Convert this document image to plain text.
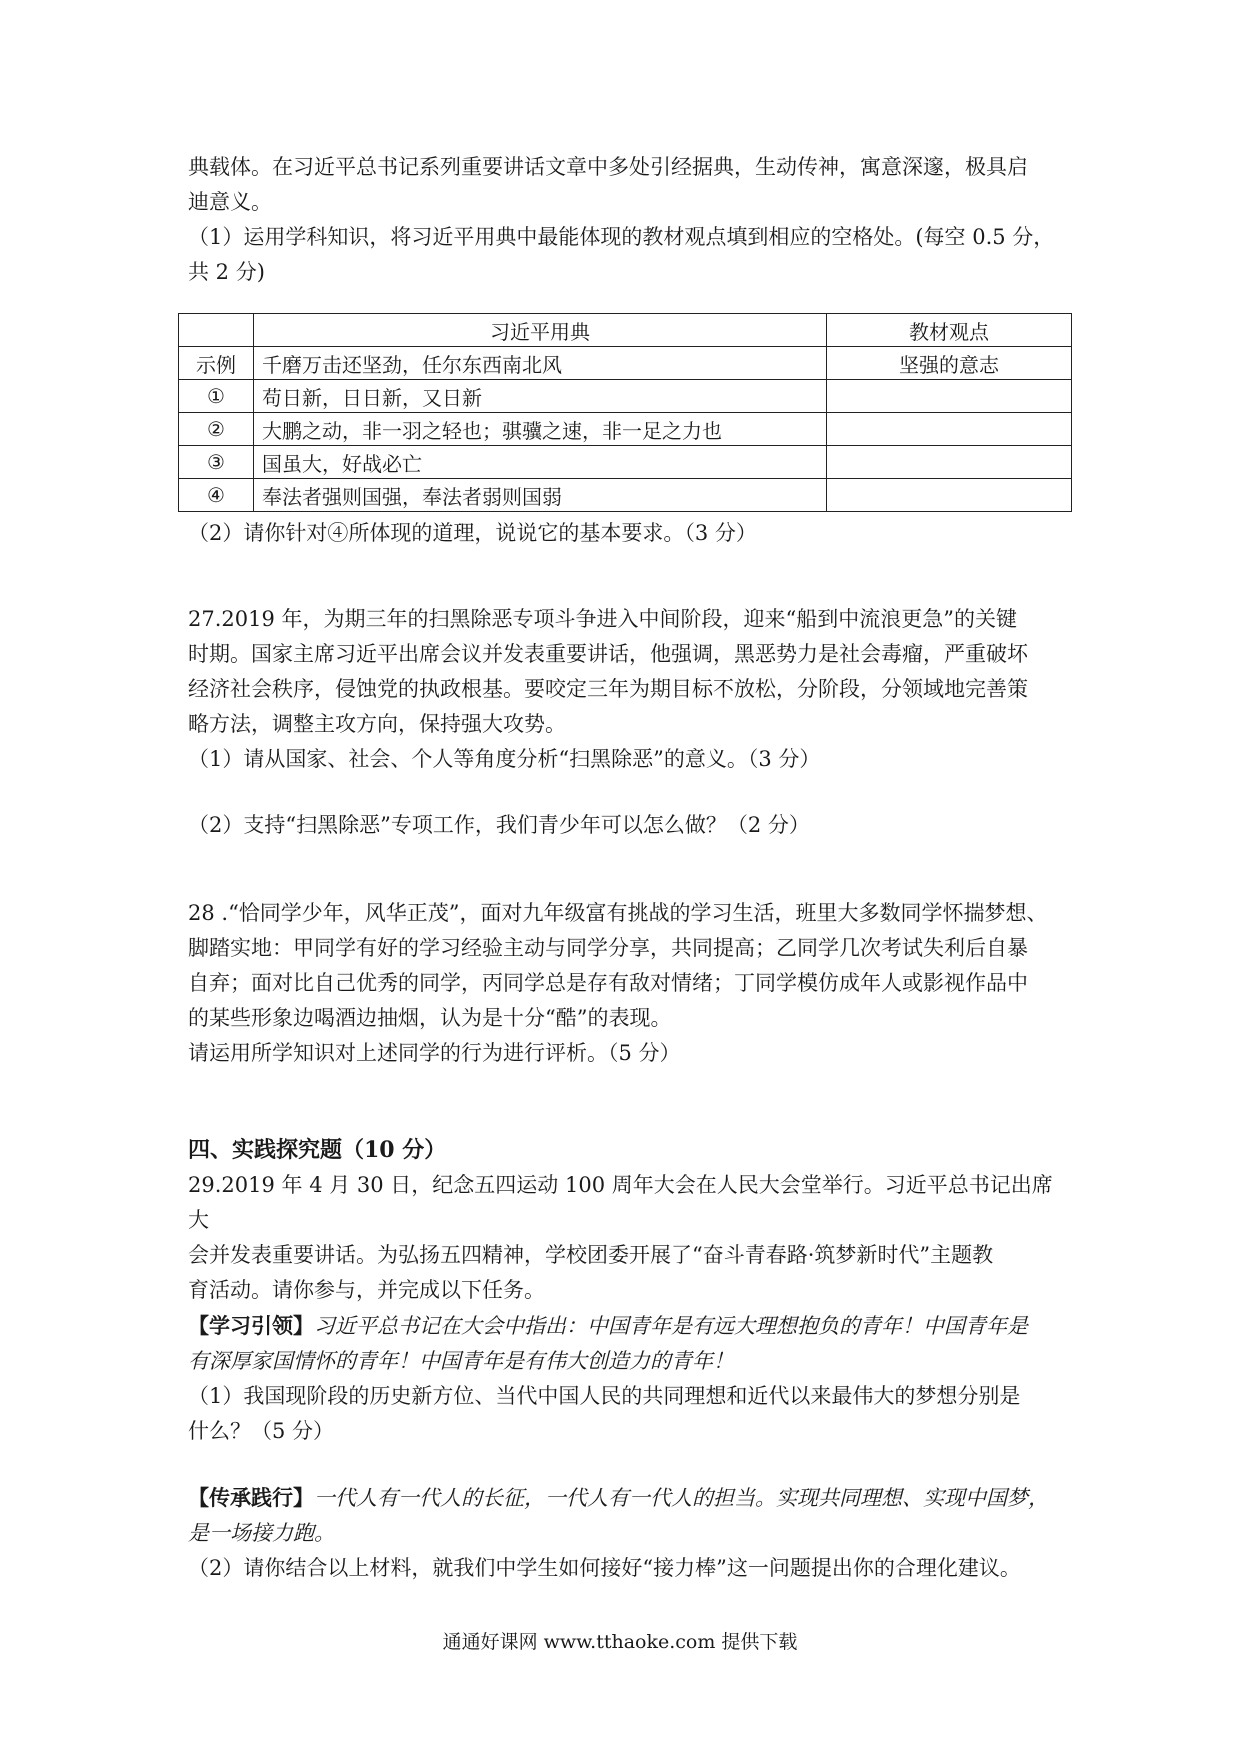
典载体。在习近平总书记系列重要讲话文章中多处引经据典，生动传神，寓意深邃，极具启

迪意义。

（1）运用学科知识，将习近平用典中最能体现的教材观点填到相应的空格处。(每空 0.5 分，

共 2 分)

	习近平用典	教材观点
示例	千磨万击还坚劲，任尔东西南北风	坚强的意志
①	苟日新，日日新，又日新	
②	大鹏之动，非一羽之轻也；骐骥之速，非一足之力也	
③	国虽大，好战必亡	
④	奉法者强则国强，奉法者弱则国弱	

（2）请你针对④所体现的道理，说说它的基本要求。（3 分）

27.2019 年，为期三年的扫黑除恶专项斗争进入中间阶段，迎来“船到中流浪更急”的关键

时期。国家主席习近平出席会议并发表重要讲话，他强调，黑恶势力是社会毒瘤，严重破坏

经济社会秩序，侵蚀党的执政根基。要咬定三年为期目标不放松，分阶段，分领域地完善策

略方法，调整主攻方向，保持强大攻势。

（1）请从国家、社会、个人等角度分析“扫黑除恶”的意义。（3 分）

（2）支持“扫黑除恶”专项工作，我们青少年可以怎么做？（2 分）

28 .“恰同学少年，风华正茂”，面对九年级富有挑战的学习生活，班里大多数同学怀揣梦想、

脚踏实地：甲同学有好的学习经验主动与同学分享，共同提高；乙同学几次考试失利后自暴

自弃；面对比自己优秀的同学，丙同学总是存有敌对情绪；丁同学模仿成年人或影视作品中

的某些形象边喝酒边抽烟，认为是十分“酷”的表现。

请运用所学知识对上述同学的行为进行评析。（5 分）

四、实践探究题（10 分）

29.2019 年 4 月 30 日，纪念五四运动 100 周年大会在人民大会堂举行。习近平总书记出席大

会并发表重要讲话。为弘扬五四精神，学校团委开展了“奋斗青春路·筑梦新时代”主题教

育活动。请你参与，并完成以下任务。

【学习引领】习近平总书记在大会中指出：中国青年是有远大理想抱负的青年！中国青年是

有深厚家国情怀的青年！中国青年是有伟大创造力的青年！

（1）我国现阶段的历史新方位、当代中国人民的共同理想和近代以来最伟大的梦想分别是

什么？（5 分）

【传承践行】一代人有一代人的长征，一代人有一代人的担当。实现共同理想、实现中国梦，

是一场接力跑。

（2）请你结合以上材料，就我们中学生如何接好“接力棒”这一问题提出你的合理化建议。

通通好课网 www.tthaoke.com 提供下载
